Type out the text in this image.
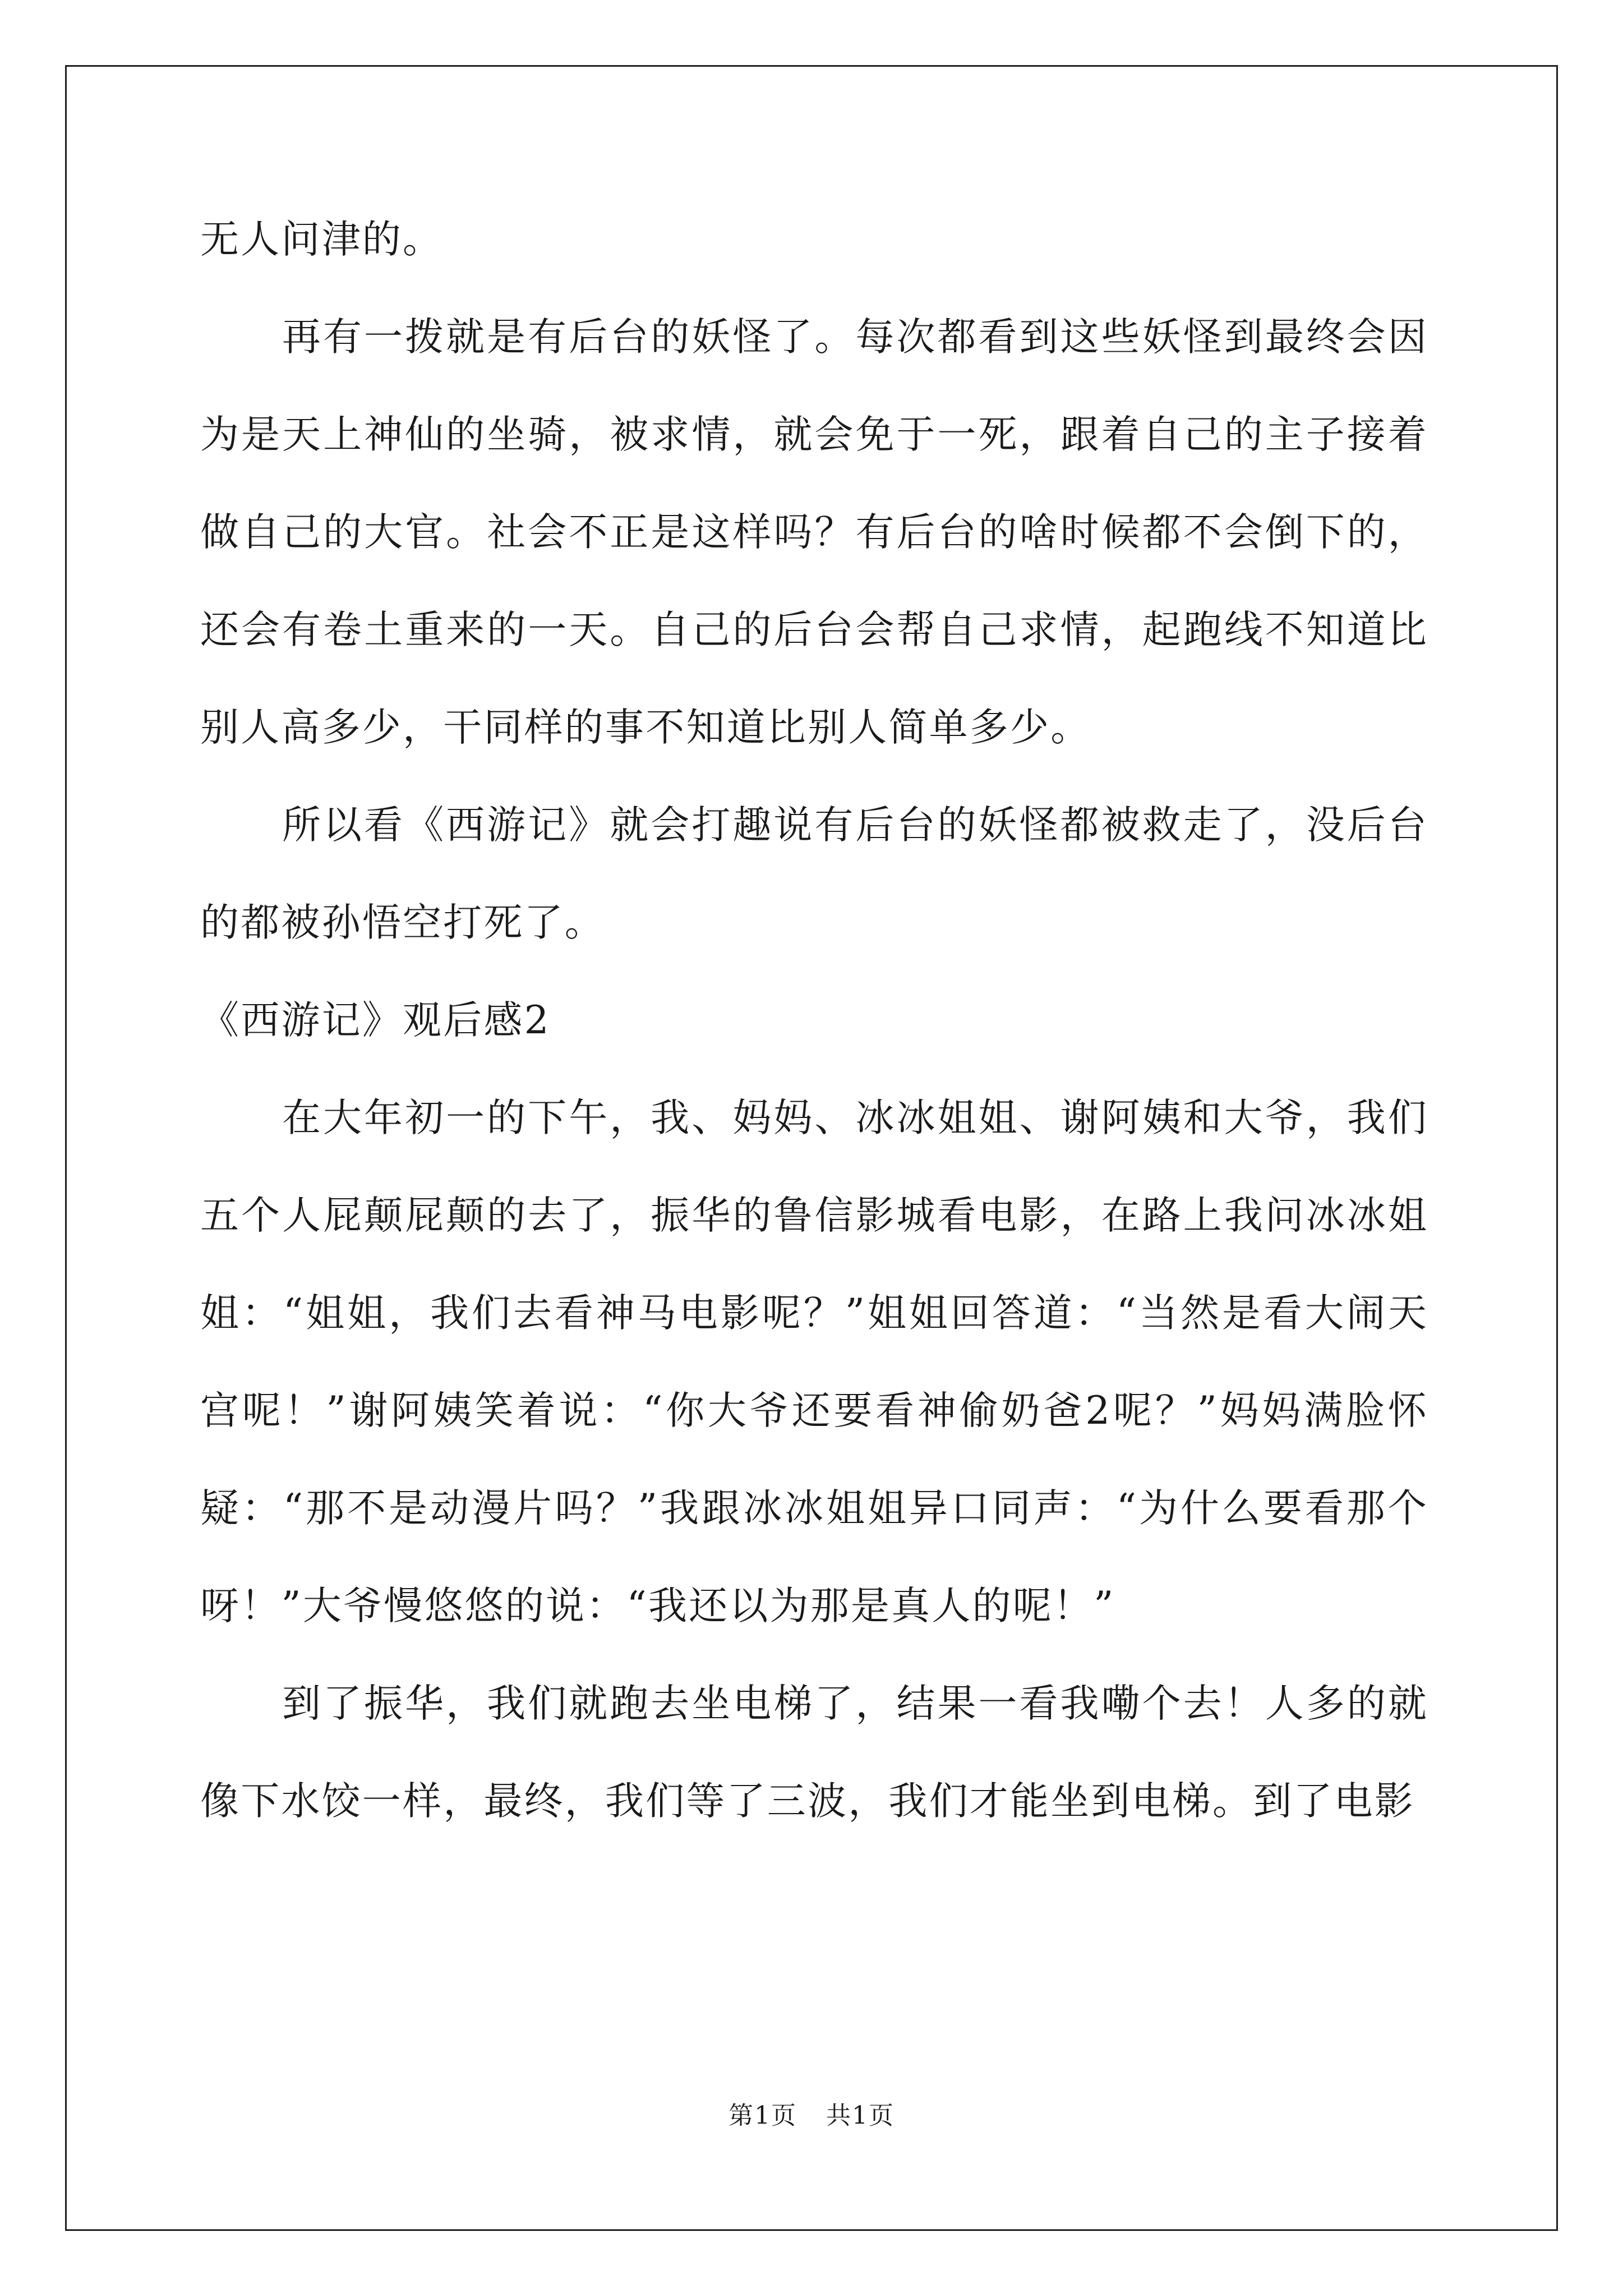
无人问津的。

再有一拨就是有后台的妖怪了。每次都看到这些妖怪到最终会因为是天上神仙的坐骑，被求情，就会免于一死，跟着自己的主子接着做自己的大官。社会不正是这样吗？有后台的啥时候都不会倒下的，还会有卷土重来的一天。自己的后台会帮自己求情，起跑线不知道比别人高多少，干同样的事不知道比别人简单多少。

所以看《西游记》就会打趣说有后台的妖怪都被救走了，没后台的都被孙悟空打死了。

《西游记》观后感2

在大年初一的下午，我、妈妈、冰冰姐姐、谢阿姨和大爷，我们五个人屁颠屁颠的去了，振华的鲁信影城看电影，在路上我问冰冰姐姐：“姐姐，我们去看神马电影呢？”姐姐回答道：“当然是看大闹天宫呢！”谢阿姨笑着说：“你大爷还要看神偷奶爸2呢？”妈妈满脸怀疑：“那不是动漫片吗？”我跟冰冰姐姐异口同声：“为什么要看那个呀！”大爷慢悠悠的说：“我还以为那是真人的呢！”

到了振华，我们就跑去坐电梯了，结果一看我嘞个去！人多的就像下水饺一样，最终，我们等了三波，我们才能坐到电梯。到了电影

第1页 共1页
